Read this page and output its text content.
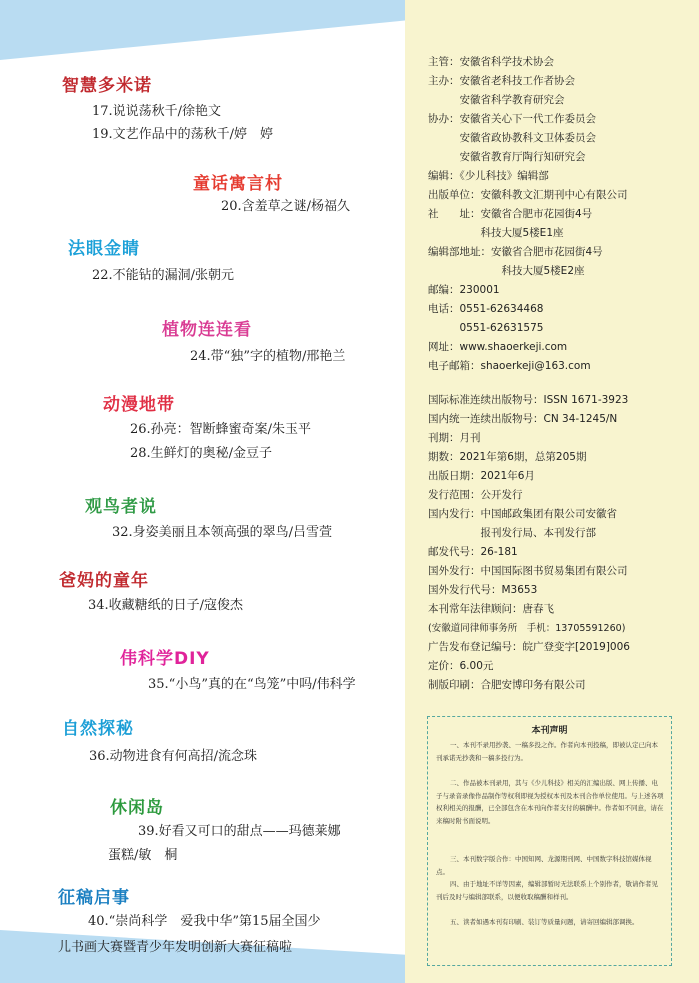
智慧多米诺
17.说说荡秋千/徐艳文
19.文艺作品中的荡秋千/婷　婷
童话寓言村
20.含羞草之谜/杨福久
法眼金睛
22.不能钻的漏洞/张朝元
植物连连看
24.带“独”字的植物/邢艳兰
动漫地带
26.孙亮：智断蜂蜜奇案/朱玉平
28.生鲜灯的奥秘/金豆子
观鸟者说
32.身姿美丽且本领高强的翠鸟/吕雪萱
爸妈的童年
34.收藏糖纸的日子/寇俊杰
伟科学DIY
35.“小鸟”真的在“鸟笼”中吗/伟科学
自然探秘
36.动物进食有何高招/流念珠
休闲岛
39.好看又可口的甜点——玛德莱娜
蛋糕/敏　桐
征稿启事
40.“崇尚科学　爱我中华”第15届全国少
儿书画大赛暨青少年发明创新大赛征稿啦
主管：安徽省科学技术协会
主办：安徽省老科技工作者协会
　　　安徽省科学教育研究会
协办：安徽省关心下一代工作委员会
　　　安徽省政协教科文卫体委员会
　　　安徽省教育厅陶行知研究会
编辑：《少儿科技》编辑部
出版单位：安徽科教文汇期刊中心有限公司
社　　址：安徽省合肥市花园街4号
　　　　　科技大厦5楼E1座
编辑部地址：安徽省合肥市花园街4号
　　　　　　　科技大厦5楼E2座
邮编：230001
电话：0551-62634468
　　　0551-62631575
网址：www.shaoerkeji.com
电子邮箱：shaoerkeji@163.com
国际标准连续出版物号：ISSN 1671-3923
国内统一连续出版物号：CN 34-1245/N
刊期：月刊
期数：2021年第6期，总第205期
出版日期：2021年6月
发行范围：公开发行
国内发行：中国邮政集团有限公司安徽省
　　　　　报刊发行局、本刊发行部
邮发代号：26-181
国外发行：中国国际图书贸易集团有限公司
国外发行代号：M3653
本刊常年法律顾问：唐春飞
(安徽道同律师事务所　手机：13705591260)
广告发布登记编号：皖广登变字[2019]006
定价：6.00元
制版印刷：合肥安博印务有限公司
本刊声明
一、本刊不录用抄袭、一稿多投之作。作者向本刊投稿，即被认定已向本刊承诺无抄袭和一稿多投行为。
二、作品被本刊录用，其与《少儿科技》相关的汇编出版、网上传播、电子与录音录像作品制作等权利即视为授权本刊及本刊合作单位使用。与上述各项权利相关的报酬，已全部包含在本刊向作者支付的稿酬中。作者如不同意，请在来稿时附书面说明。
三、本刊数字版合作：中国知网、龙源期刊网、中国数字科技馆媒体视点。
四、由于地址不详等因素，编辑部暂时无法联系上个别作者，敬请作者见刊后及时与编辑部联系，以便收取稿酬和样刊。
五、读者如遇本刊有印刷、装订等质量问题，请寄回编辑部调换。
